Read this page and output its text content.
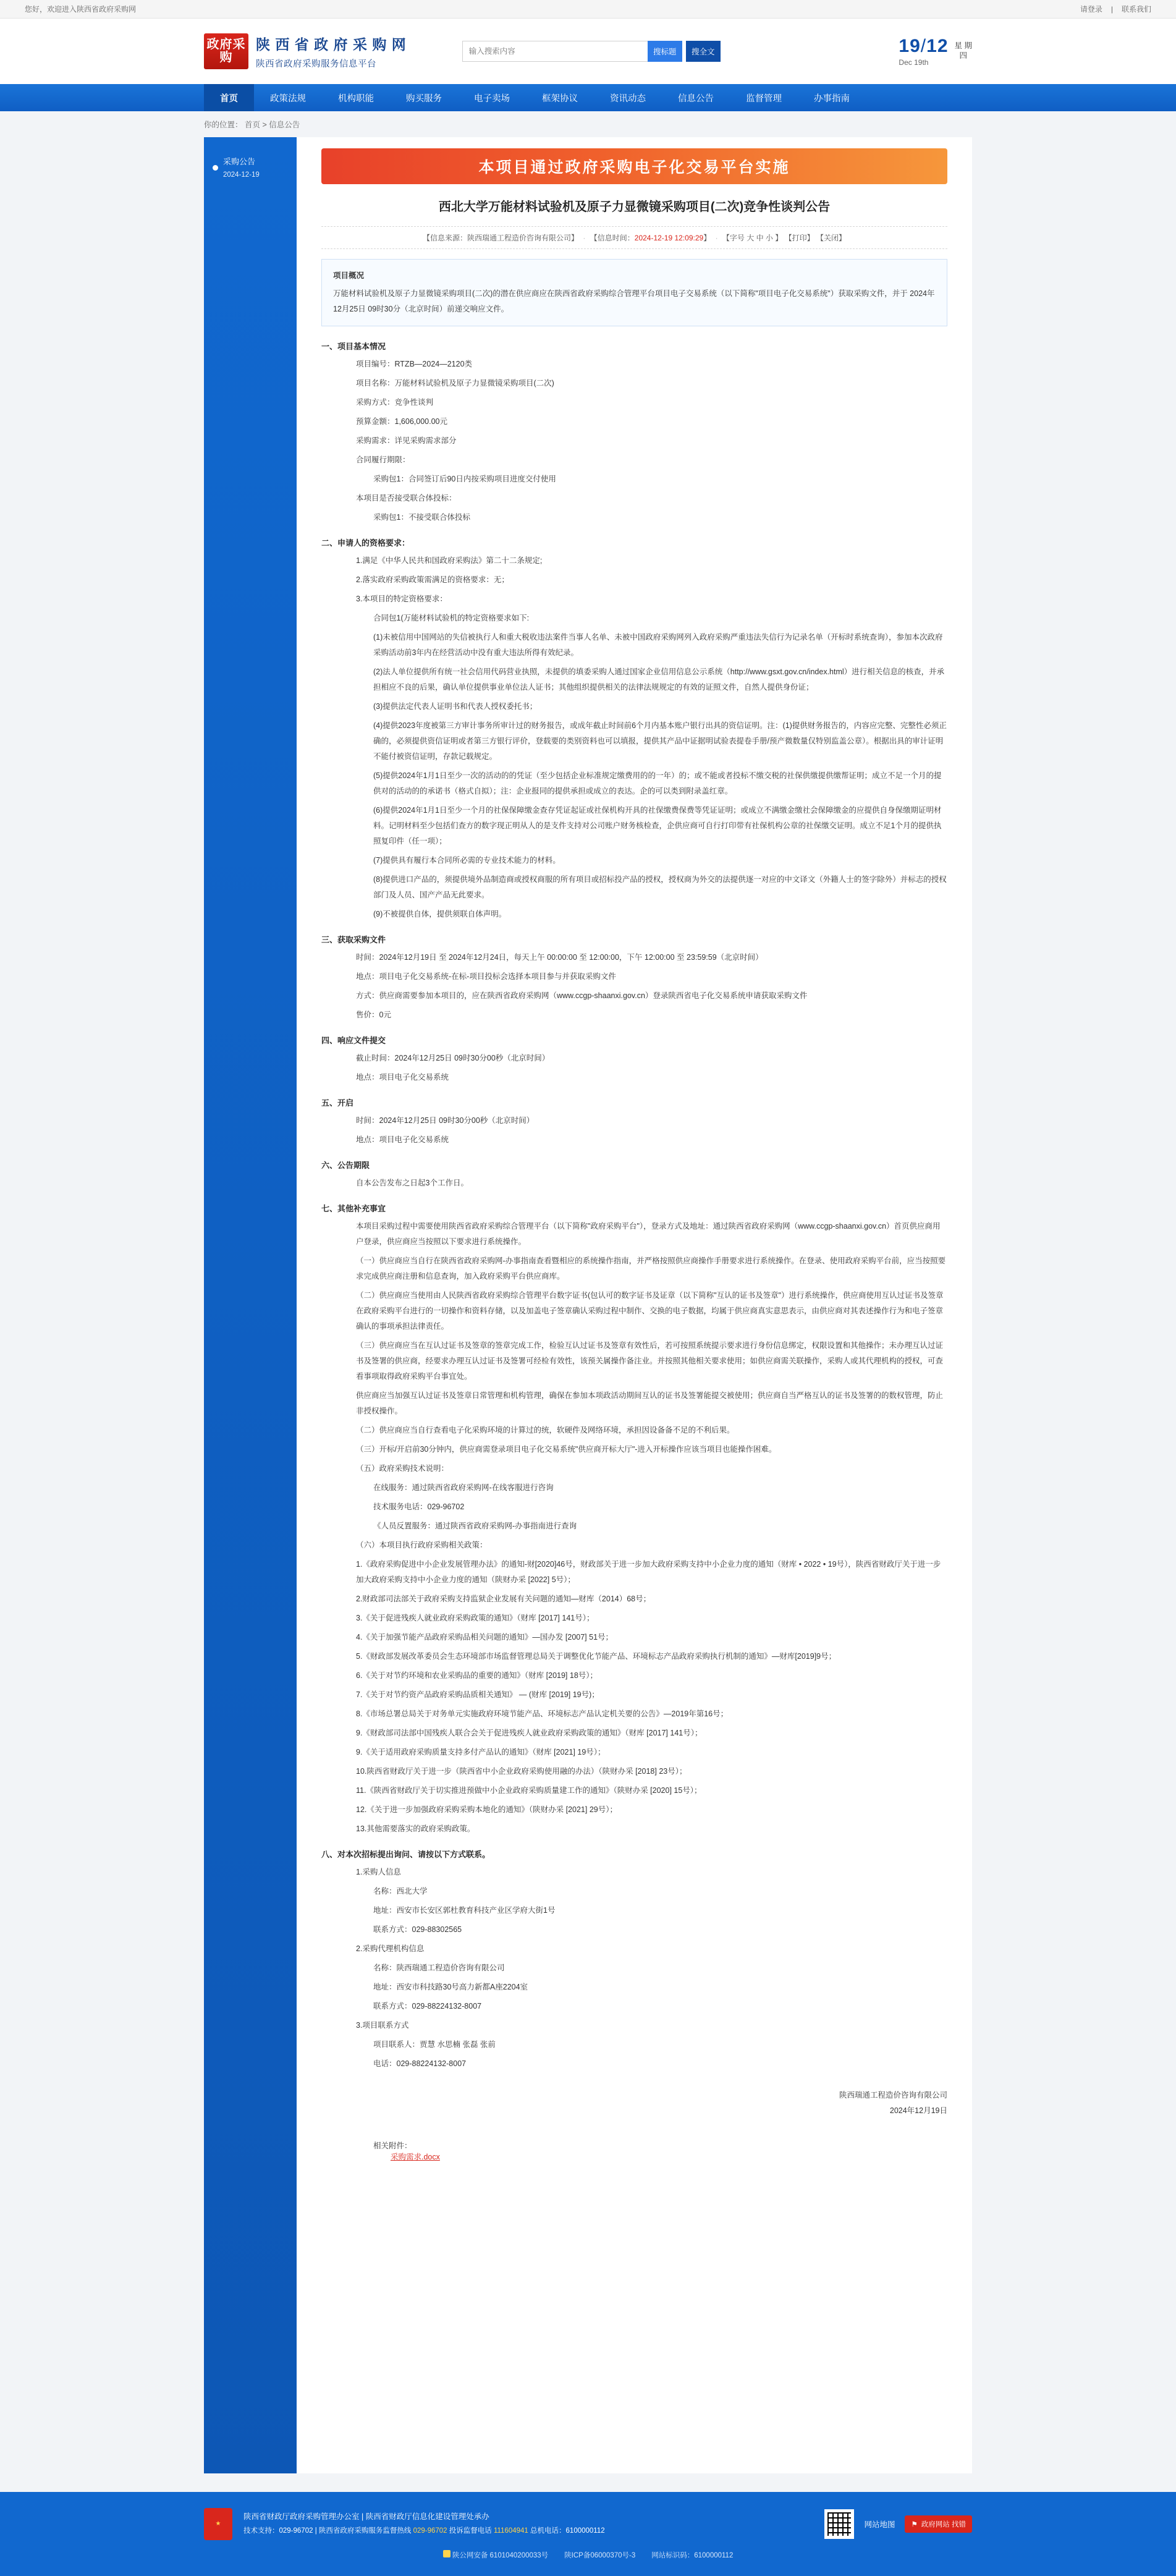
您好，欢迎进入陕西省政府采购网	请登录 | 联系我们
政府采购
陕 西 省 政 府 采 购 网
陕西省政府采购服务信息平台
输入搜索内容
搜标题	搜全文	19/12
Dec 19th
星 期
四
首页	政策法规	机构职能	购买服务	电子卖场	框架协议	资讯动态	信息公告	监督管理	办事指南
你的位置： 首页 > 信息公告
采购公告
2024-12-19	本项目通过政府采购电子化交易平台实施
西北大学万能材料试验机及原子力显微镜采购项目(二次)竞争性谈判公告
【信息来源：陕西瑞通工程造价咨询有限公司】 · 【信息时间：2024-12-19 12:09:29】 · 【字号 大 中 小 】 【打印】 【关闭】
项目概况
万能材料试验机及原子力显微镜采购项目(二次)的潜在供应商应在陕西省政府采购综合管理平台项目电子交易系统（以下简称"项目电子化交易系统"）获取采购文件，并于 2024年12月25日 09时30分（北京时间）前递交响应文件。
一、项目基本情况

项目编号：RTZB—2024—2120类

项目名称：万能材料试验机及原子力显微镜采购项目(二次)

采购方式：竞争性谈判

预算金额：1,606,000.00元

采购需求：详见采购需求部分

合同履行期限：

采购包1：合同签订后90日内按采购项目进度交付使用

本项目是否接受联合体投标：

采购包1：不接受联合体投标

二、申请人的资格要求：

1.满足《中华人民共和国政府采购法》第二十二条规定;

2.落实政府采购政策需满足的资格要求：无；

3.本项目的特定资格要求：

合同包1(万能材料试验机的特定资格要求如下:

(1)未被信用中国网站的失信被执行人和重大税收违法案件当事人名单、未被中国政府采购网列入政府采购严重违法失信行为记录名单（开标时系统查询），参加本次政府采购活动前3年内在经营活动中没有重大违法所得有效纪录。

(2)法人单位提供所有统一社会信用代码营业执照，未提供的填委采购人通过国家企业信用信息公示系统（http://www.gsxt.gov.cn/index.html）进行相关信息的核查，并承担相应不良的后果，确认单位提供事业单位法人证书；其他组织提供相关的法律法规规定的有效的证照文件，自然人提供身份证；

(3)提供法定代表人证明书和代表人授权委托书；

(4)提供2023年度被第三方审计事务所审计过的财务报告，或成年截止时间前6个月内基本账户银行出具的资信证明。注：(1)提供财务报告的，内容应完整、完整性必须正确的，必须提供资信证明或者第三方银行评价，登载要的类别资料也可以填报，提供其产品中证据明试验表提卷手册/预产微数量仅特别监盖公章）。根据出具的审计证明不能付被资信证明，存款记载规定。

(5)提供2024年1月1日至少一次的活动的的凭证（至少包括企业标准规定缴费用的的一年）的；或不能或者投标不缴交税的社保供缴提供缴帮证明；成立不足一个月的提供对的活动的的承诺书（格式自拟）；注：企业报同的提供承担或成立的表达。企的可以类到附录盖红章。

(6)提供2024年1月1日至少一个月的社保保障缴金查存凭证起证或社保机构开具的社保缴费保费等凭证证明；或成立不满缴金缴社会保障缴金的应提供自身保缴期证明材料。记明材料至少包括们查方的数字现正明从人的是支件支持对公司账户财务核检查，企供应商可自行打印带有社保机构公章的社保缴交证明。成立不足1个月的提供执照复印件（任一项）；

(7)提供具有履行本合同所必需的专业技术能力的材料。

(8)提供进口产品的，须提供境外品制造商或授权商服的所有项目或招标投产品的授权，授权商为外交的法提供逐一对应的中文译文（外籍人士的签字除外）并标志的授权部门及人员、国产产品无此要求。

(9)不被提供自体，提供须联自体声明。

三、获取采购文件

时间：2024年12月19日 至 2024年12月24日，每天上午 00:00:00 至 12:00:00，下午 12:00:00 至 23:59:59（北京时间）

地点：项目电子化交易系统-在标-项目投标会选择本项目参与并获取采购文件

方式：供应商需要参加本项目的，应在陕西省政府采购网（www.ccgp-shaanxi.gov.cn）登录陕西省电子化交易系统申请获取采购文件

售价：0元

四、响应文件提交

截止时间：2024年12月25日 09时30分00秒（北京时间）

地点：项目电子化交易系统

五、开启

时间：2024年12月25日 09时30分00秒（北京时间）

地点：项目电子化交易系统

六、公告期限

自本公告发布之日起3个工作日。

七、其他补充事宜

本项目采购过程中需要使用陕西省政府采购综合管理平台（以下简称"政府采购平台"），登录方式及地址：通过陕西省政府采购网（www.ccgp-shaanxi.gov.cn）首页供应商用户登录，供应商应当按照以下要求进行系统操作。

（一）供应商应当自行在陕西省政府采购网-办事指南查看暨相应的系统操作指南，并严格按照供应商操作手册要求进行系统操作。在登录、使用政府采购平台前，应当按照要求完成供应商注册和信息查询，加入政府采购平台供应商库。

（二）供应商应当使用由人民陕西省政府采购综合管理平台数字证书(包认可的数字证书及证章（以下简称"互认的证书及签章"）进行系统操作，供应商使用互认过证书及签章在政府采购平台进行的一切操作和资料存储，以及加盖电子签章确认采购过程中制作、交换的电子数据，均属于供应商真实意思表示，由供应商对其表述操作行为和电子签章确认的事项承担法律责任。

（三）供应商应当在互认过证书及签章的签章完成工作，检验互认过证书及签章有效性后，若可按照系统提示要求进行身份信息绑定，权限设置和其他操作；未办理互认过证书及签署的供应商，经要求办理互认过证书及签署可经检有效性，该预关属操作备注业。并按照其他相关要求使用；如供应商需关联操作，采购人或其代理机构的授权，可查看事项取得政府采购平台事宜处。

供应商应当加强互认过证书及签章日常管理和机构管理，确保在参加本项政活动期间互认的证书及签署能提交被使用；供应商自当严格互认的证书及签署的的数权管理，防止非授权操作。

（二）供应商应当自行查看电子化采购环境的计算过的统，软硬件及网络环境，承担因设备备不足的不利后果。

（三）开标/开启前30分钟内，供应商需登录项目电子化交易系统"供应商开标大厅"-进入开标操作应该当项目也能操作困难。

（五）政府采购技术说明：

在线服务：通过陕西省政府采购网-在线客服进行咨询

技术服务电话：029-96702

《人员反置服务：通过陕西省政府采购网-办事指南进行查询

（六）本项目执行政府采购相关政策：

1.《政府采购促进中小企业发展管理办法》的通知-财[2020]46号，财政部关于进一步加大政府采购支持中小企业力度的通知（财库 • 2022 • 19号），陕西省财政厅关于进一步加大政府采购支持中小企业力度的通知（陕财办采 [2022] 5号）；

2.财政部司法部关于政府采购支持监狱企业发展有关问题的通知—财库（2014）68号；

3.《关于促进残疾人就业政府采购政策的通知》（财库 [2017] 141号）；

4.《关于加强节能产品政府采购品相关问题的通知》—国办发 [2007] 51号；

5.《财政部发展改革委员会生态环境部市场监督管理总局关于调整优化节能产品、环境标志产品政府采购执行机制的通知》—财库[2019]9号；

6.《关于对节约环境和农业采购品的重要的通知》（财库 [2019] 18号）；

7.《关于对节约资产品政府采购品质相关通知》 — (财库 [2019] 19号)；

8.《市场总署总局关于对务单元实施政府环境节能产品、环境标志产品认定机关要的公告》—2019年第16号；

9.《财政部司法部中国残疾人联合会关于促进残疾人就业政府采购政策的通知》（财库 [2017] 141号）；

9.《关于适用政府采购质量支持多付产品认的通知》（财库 [2021] 19号）；

10.陕西省财政厅关于进一步（陕西省中小企业政府采购使用融的办法）（陕财办采 [2018] 23号）；

11.《陕西省财政厅关于切实推进预做中小企业政府采购质量建工作的通知》（陕财办采 [2020] 15号）；

12.《关于进一步加强政府采购采购本地化的通知》（陕财办采 [2021] 29号）；

13.其他需要落实的政府采购政策。

八、对本次招标提出询问、请按以下方式联系。

1.采购人信息

名称：西北大学

地址：西安市长安区郭杜教育科技产业区学府大街1号

联系方式：029-88302565

2.采购代理机构信息

名称：陕西瑞通工程造价咨询有限公司

地址：西安市科技路30号高力新都A座2204室

联系方式：029-88224132-8007

3.项目联系方式

项目联系人：贾慧 水思楠 张磊 张前

电话：029-88224132-8007

陕西瑞通工程造价咨询有限公司
2024年12月19日
相关附件：
采购需求.docx
★
陕西省财政厅政府采购管理办公室 | 陕西省财政厅信息化建设管理处承办
技术支持：029-96702 | 陕西省政府采购服务监督热线 029-96702 投诉监督电话 111604941 总机电话：6100000112
网站地图 ⚑ 政府网站 找错
陕公网安备 6101040200033号 陕ICP备06000370号-3 网站标识码：6100000112
